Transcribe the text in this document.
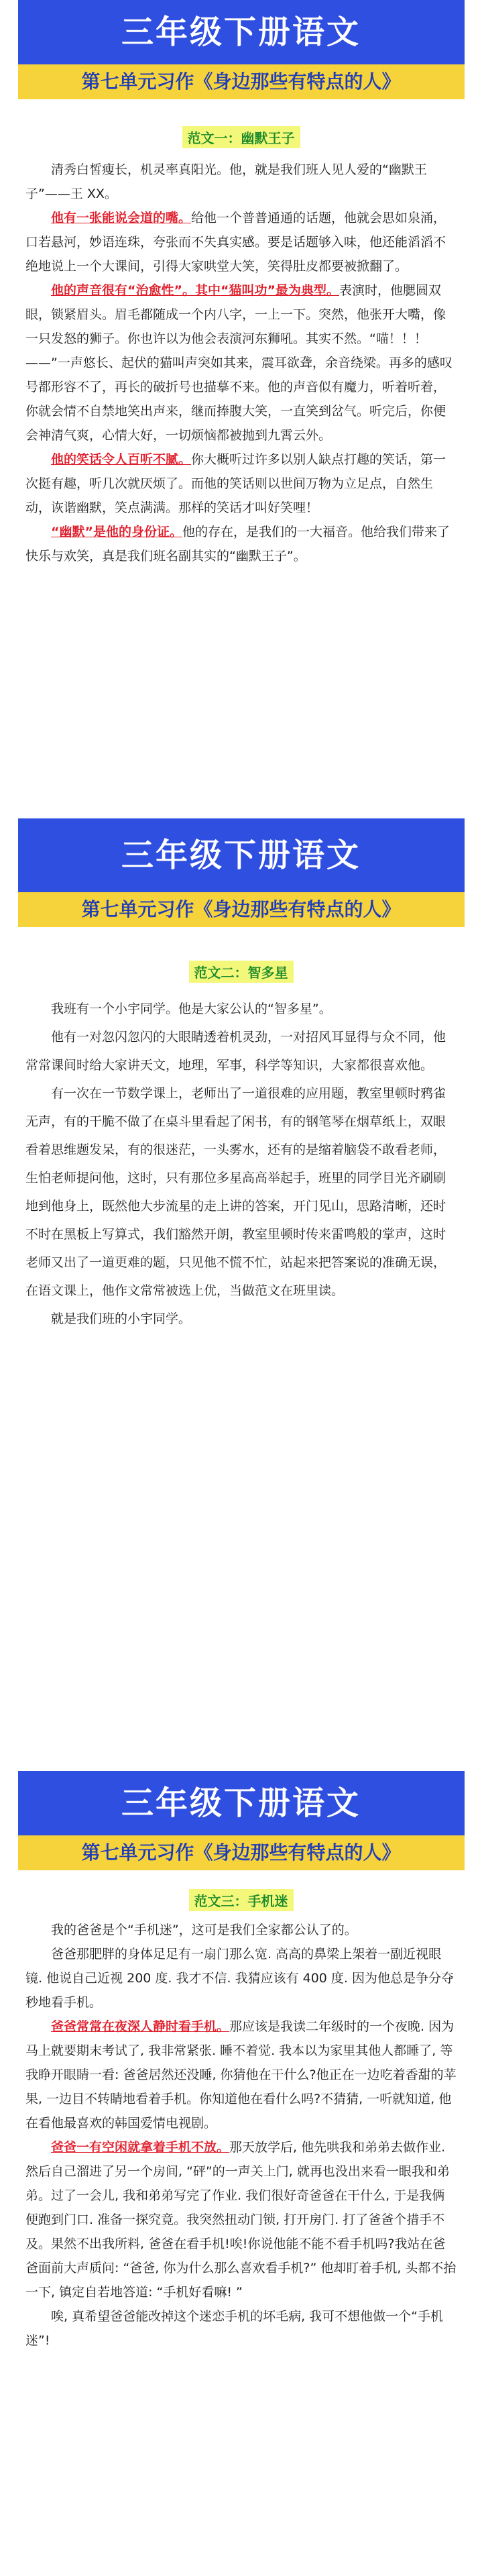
三年级下册语文
第七单元习作《身边那些有特点的人》
范文一：幽默王子

清秀白皙瘦长，机灵率真阳光。他，就是我们班人见人爱的“幽默王子”——王 XX。

他有一张能说会道的嘴。给他一个普普通通的话题，他就会思如泉涌，口若悬河，妙语连珠，夸张而不失真实感。要是话题够入味，他还能滔滔不绝地说上一个大课间，引得大家哄堂大笑，笑得肚皮都要被掀翻了。

他的声音很有“治愈性”。其中“猫叫功”最为典型。表演时，他腮圆双眼，锁紧眉头。眉毛都随成一个内八字，一上一下。突然，他张开大嘴，像一只发怒的狮子。你也许以为他会表演河东狮吼。其实不然。“喵！！！——”一声悠长、起伏的猫叫声突如其来，震耳欲聋，余音绕梁。再多的感叹号都形容不了，再长的破折号也描摹不来。他的声音似有魔力，听着听着，你就会情不自禁地笑出声来，继而捧腹大笑，一直笑到岔气。听完后，你便会神清气爽，心情大好，一切烦恼都被抛到九霄云外。

他的笑话令人百听不腻。你大概听过许多以别人缺点打趣的笑话，第一次挺有趣，听几次就厌烦了。而他的笑话则以世间万物为立足点，自然生动，诙谐幽默，笑点满满。那样的笑话才叫好笑哩！

“幽默”是他的身份证。他的存在，是我们的一大福音。他给我们带来了快乐与欢笑，真是我们班名副其实的“幽默王子”。

三年级下册语文
第七单元习作《身边那些有特点的人》
范文二：智多星

我班有一个小宇同学。他是大家公认的“智多星”。

他有一对忽闪忽闪的大眼睛透着机灵劲，一对招风耳显得与众不同，他常常课间时给大家讲天文，地理，军事，科学等知识，大家都很喜欢他。

有一次在一节数学课上，老师出了一道很难的应用题，教室里顿时鸦雀无声，有的干脆不做了在桌斗里看起了闲书，有的钢笔琴在烟草纸上，双眼看着思维题发呆，有的很迷茫，一头雾水，还有的是缩着脑袋不敢看老师，生怕老师提问他，这时，只有那位多星高高举起手，班里的同学目光齐刷刷地到他身上，既然他大步流星的走上讲的答案，开门见山，思路清晰，还时不时在黑板上写算式，我们豁然开朗，教室里顿时传来雷鸣般的掌声，这时老师又出了一道更难的题，只见他不慌不忙，站起来把答案说的准确无误，在语文课上，他作文常常被选上优，当做范文在班里读。

就是我们班的小宇同学。

三年级下册语文
第七单元习作《身边那些有特点的人》
范文三：手机迷

我的爸爸是个“手机迷”，这可是我们全家都公认了的。

爸爸那肥胖的身体足足有一扇门那么宽. 高高的鼻梁上架着一副近视眼镜. 他说自己近视 200 度. 我才不信. 我猜应该有 400 度. 因为他总是争分夺秒地看手机。

爸爸常常在夜深人静时看手机。那应该是我读二年级时的一个夜晚. 因为马上就要期末考试了, 我非常紧张. 睡不着觉. 我本以为家里其他人都睡了, 等我睁开眼睛一看: 爸爸居然还没睡, 你猜他在干什么?他正在一边吃着香甜的苹果, 一边目不转睛地看着手机。你知道他在看什么吗?不猜猜, 一听就知道, 他在看他最喜欢的韩国爱情电视剧。

爸爸一有空闲就拿着手机不放。那天放学后, 他先哄我和弟弟去做作业. 然后自己溜进了另一个房间, “砰”的一声关上门, 就再也没出来看一眼我和弟弟。过了一会儿, 我和弟弟写完了作业. 我们很好奇爸爸在干什么, 于是我俩便跑到门口. 准备一探究竟。我突然扭动门锁, 打开房门. 打了爸爸个措手不及。果然不出我所料, 爸爸在看手机!唉!你说他能不能不看手机吗?我站在爸爸面前大声质问: “爸爸, 你为什么那么喜欢看手机?” 他却盯着手机, 头都不抬一下, 镇定自若地答道: “手机好看嘛! ”

唉, 真希望爸爸能改掉这个迷恋手机的坏毛病, 我可不想他做一个“手机迷”!
